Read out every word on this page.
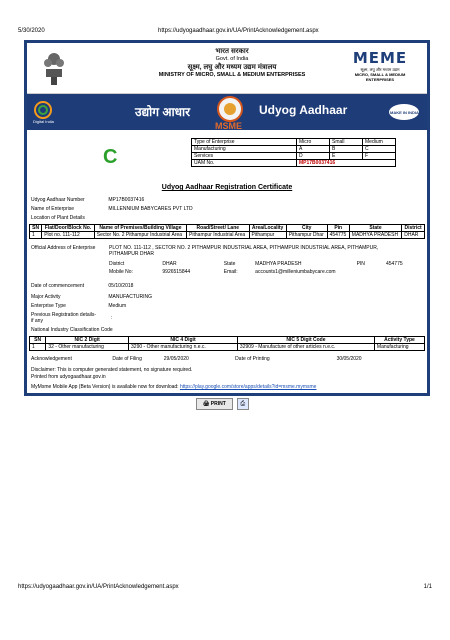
5/30/2020	https://udyogaadhaar.gov.in/UA/PrintAcknowledgement.aspx
भारत सरकार
Govt. of India
सूक्ष्म, लघु और मध्यम उद्यम मंत्रालय
MINISTRY OF MICRO, SMALL & MEDIUM ENTERPRISES
MEME
सूक्ष्म, लघु और मध्यम उद्यम
MICRO, SMALL & MEDIUM ENTERPRISES
Digital India
उद्योग आधार
MSME
Udyog Aadhaar	MAKE IN INDIA
C
Type of Enterprise	Micro	Small	Medium
Manufacturing	A	B	C
Services	D	E	F
UAM No.	MP17B0037416		
Udyog Aadhaar Registration Certificate
Udyog Aadhaar Number	MP17B0037416
Name of Enterprise	MILLENNIUM BABYCARES PVT LTD
Location of Plant Details
SN	Flat/Door/Block No.	Name of Premises/Building Village	Road/Street/ Lane	Area/Locality	City	Pin	State	District
1	Plot no. 111-112	Sector No. 2 Pithampur Industrial Area	Pithampur Industrial Area	Pithampur	Pithampur Dhar	454775	MADHYA PRADESH	DHAR
Official Address of Enterprise	PLOT NO. 111-112 , SECTOR NO. 2 PITHAMPUR INDUSTRIAL AREA, PITHAMPUR INDUSTRIAL AREA, PITHAMPUR, PITHAMPUR DHAR
District	DHAR	State	MADHYA PRADESH	PIN	454775
Mobile No:	9926515844	Email:	accounts1@milleniumbabycare.com
Date of commencement	05/10/2018
Major Activity	MANUFACTURING
Enterprise Type	Medium
Previous Registration details-if any	:
National Industry Classification Code
SN	NIC 2 Digit	NIC 4 Digit	NIC 5 Digit Code	Activity Type
1	32 - Other manufacturing	3290 - Other manufacturing n.e.c.	32909 - Manufacture of other articles n.e.c.	Manufacturing
Acknowledgement	Date of Filing	29/05/2020	Date of Printing	30/05/2020
Disclaimer: This is computer generated statement, no signature required.
Printed from udyogaadhaar.gov.in
MyMsme Mobile App (Beta Version) is available now for download: https://play.google.com/store/apps/details?id=msme.mymsme
🖨 PRINT	⎙
https://udyogaadhaar.gov.in/UA/PrintAcknowledgement.aspx	1/1
